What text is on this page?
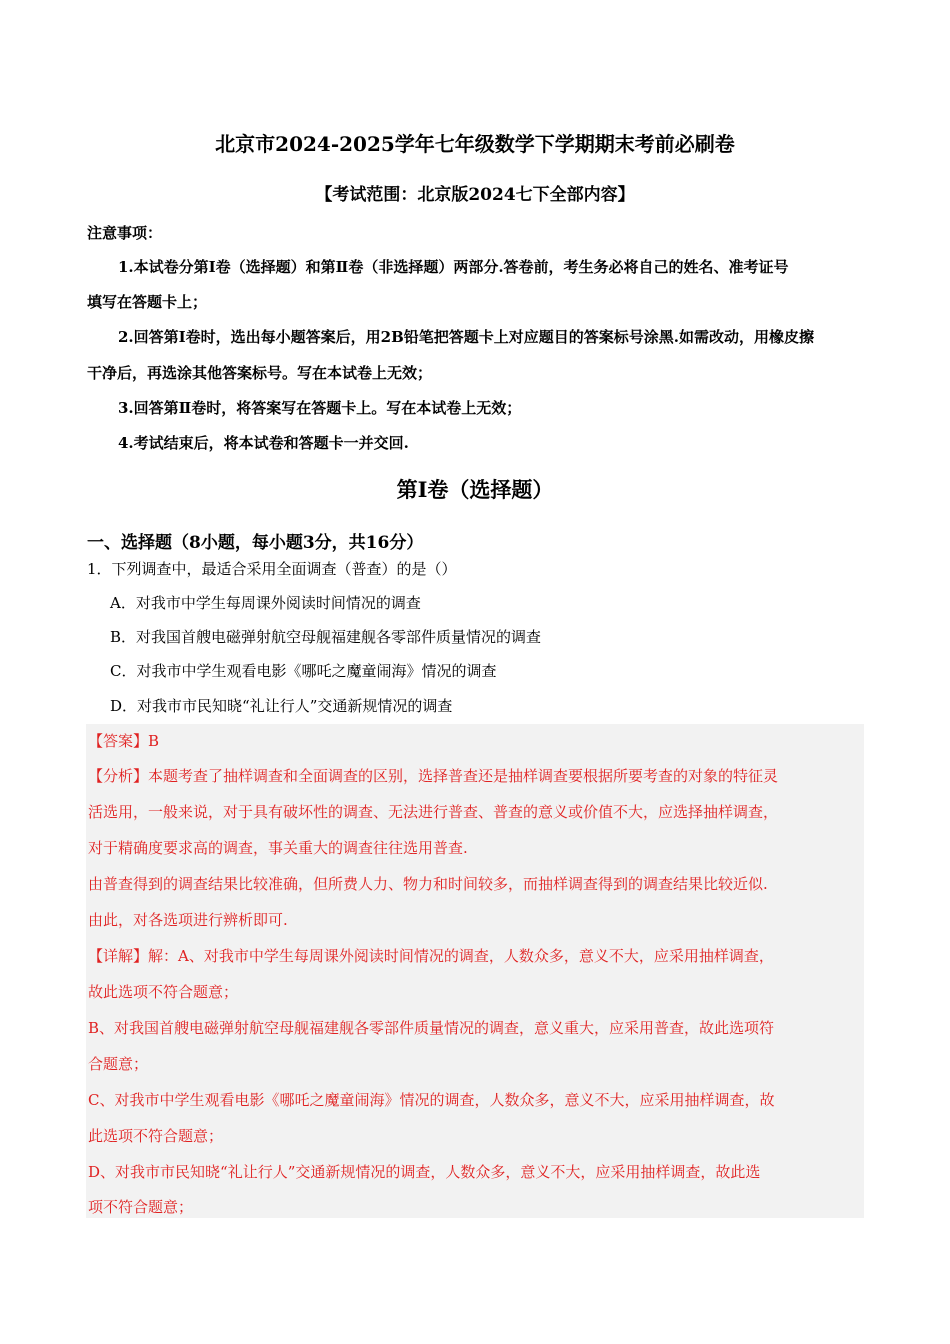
北京市2024-2025学年七年级数学下学期期末考前必刷卷
【考试范围：北京版2024七下全部内容】
注意事项：
1.本试卷分第Ⅰ卷（选择题）和第Ⅱ卷（非选择题）两部分.答卷前，考生务必将自己的姓名、准考证号
填写在答题卡上；
2.回答第Ⅰ卷时，选出每小题答案后，用2B铅笔把答题卡上对应题目的答案标号涂黑.如需改动，用橡皮擦
干净后，再选涂其他答案标号。写在本试卷上无效；
3.回答第Ⅱ卷时，将答案写在答题卡上。写在本试卷上无效；
4.考试结束后，将本试卷和答题卡一并交回.
第I卷（选择题）
一、选择题（8小题，每小题3分，共16分）
1．下列调查中，最适合采用全面调查（普查）的是（）
A．对我市中学生每周课外阅读时间情况的调查
B．对我国首艘电磁弹射航空母舰福建舰各零部件质量情况的调查
C．对我市中学生观看电影《哪吒之魔童闹海》情况的调查
D．对我市市民知晓“礼让行人”交通新规情况的调查
【答案】B
【分析】本题考查了抽样调查和全面调查的区别，选择普查还是抽样调查要根据所要考查的对象的特征灵
活选用，一般来说，对于具有破坏性的调查、无法进行普查、普查的意义或价值不大，应选择抽样调查，
对于精确度要求高的调查，事关重大的调查往往选用普查.
由普查得到的调查结果比较准确，但所费人力、物力和时间较多，而抽样调查得到的调查结果比较近似.
由此，对各选项进行辨析即可.
【详解】解：A、对我市中学生每周课外阅读时间情况的调查，人数众多，意义不大，应采用抽样调查，
故此选项不符合题意；
B、对我国首艘电磁弹射航空母舰福建舰各零部件质量情况的调查，意义重大，应采用普查，故此选项符
合题意；
C、对我市中学生观看电影《哪吒之魔童闹海》情况的调查，人数众多，意义不大，应采用抽样调查，故
此选项不符合题意；
D、对我市市民知晓“礼让行人”交通新规情况的调查，人数众多，意义不大，应采用抽样调查，故此选
项不符合题意；
